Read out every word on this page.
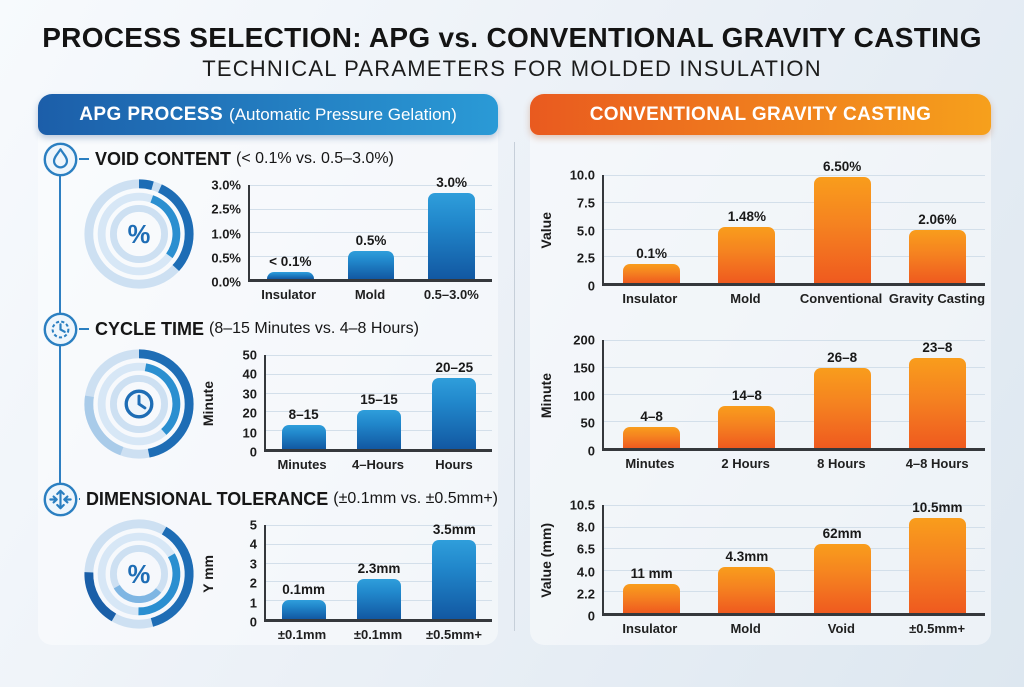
PROCESS SELECTION: APG vs. CONVENTIONAL GRAVITY CASTING
TECHNICAL PARAMETERS FOR MOLDED INSULATION
APG PROCESS (Automatic Pressure Gelation)
VOID CONTENT (< 0.1% vs. 0.5–3.0%)
%
3.0%
2.5%
1.0%
0.5%
0.0%
< 0.1%
0.5%
3.0%
Insulator	Mold	0.5–3.0%
CYCLE TIME (8–15 Minutes vs. 4–8 Hours)
Minute
50
40
30
20
10
0
8–15
15–15
20–25
Minutes	4–Hours	Hours
DIMENSIONAL TOLERANCE (±0.1mm vs. ±0.5mm+)
%	Y mm
5
4
3
2
1
0
0.1mm
2.3mm
3.5mm
±0.1mm	±0.1mm	±0.5mm+
CONVENTIONAL GRAVITY CASTING
Value
10.0
7.5
5.0
2.5
0
0.1%
1.48%
6.50%
2.06%
Insulator	Mold	Conventional Gravity Casting
Minute
200
150
100
50
0
4–8
14–8
26–8
23–8
Minutes	2 Hours	8 Hours	4–8 Hours
Value (mm)
10.5
8.0
6.5
4.0
2.2
0
11 mm
4.3mm
62mm
10.5mm
Insulator	Mold	Void	±0.5mm+
